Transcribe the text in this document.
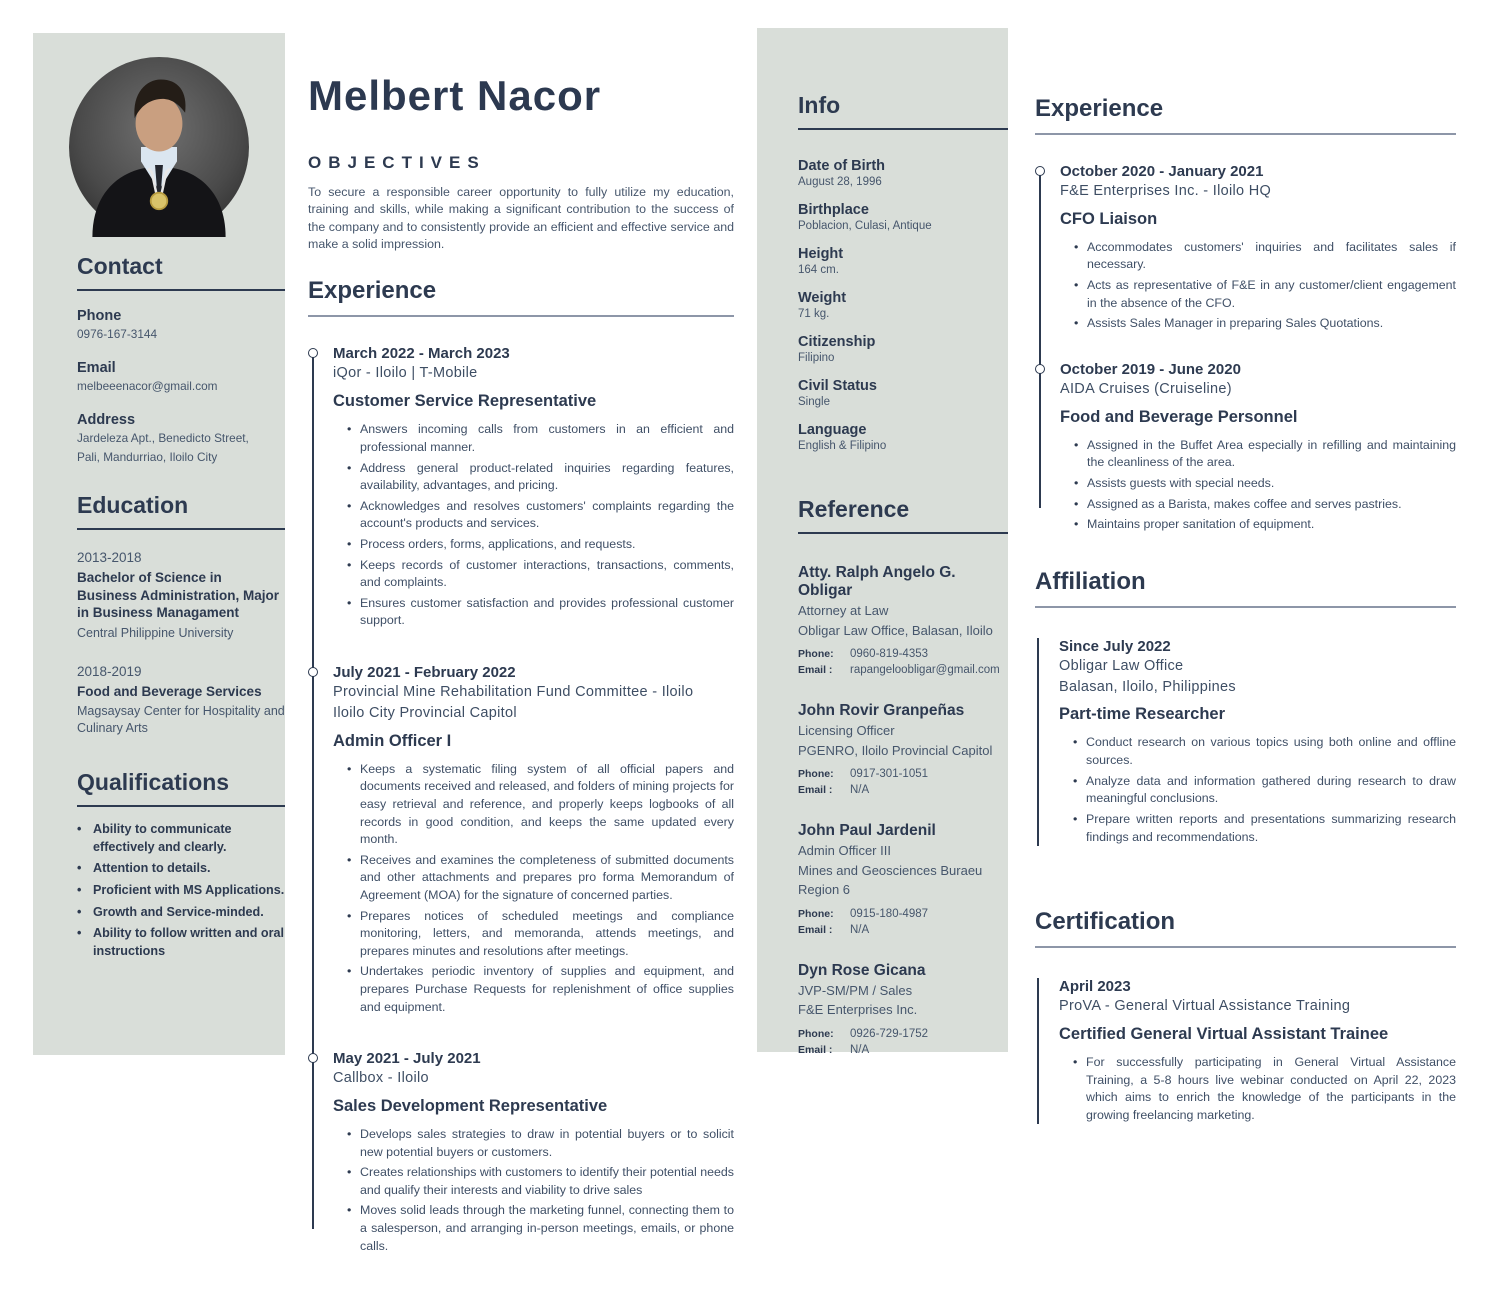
Contact
Phone
0976-167-3144
Email
melbeeenacor@gmail.com
Address
Jardeleza Apt., Benedicto Street,
Pali, Mandurriao, Iloilo City
Education
2013-2018
Bachelor of Science in Business Administration, Major in Business Managament
Central Philippine University
2018-2019
Food and Beverage Services
Magsaysay Center for Hospitality and Culinary Arts
Qualifications
• Ability to communicate effectively and clearly.
• Attention to details.
• Proficient with MS Applications.
• Growth and Service-minded.
• Ability to follow written and oral instructions
Melbert Nacor
OBJECTIVES
To secure a responsible career opportunity to fully utilize my education, training and skills, while making a significant contribution to the success of the company and to consistently provide an efficient and effective service and make a solid impression.
Experience
March 2022 - March 2023
iQor - Iloilo | T-Mobile
Customer Service Representative
• Answers incoming calls from customers in an efficient and professional manner.
• Address general product-related inquiries regarding features, availability, advantages, and pricing.
• Acknowledges and resolves customers' complaints regarding the account's products and services.
• Process orders, forms, applications, and requests.
• Keeps records of customer interactions, transactions, comments, and complaints.
• Ensures customer satisfaction and provides professional customer support.
July 2021 - February 2022
Provincial Mine Rehabilitation Fund Committee - Iloilo
Iloilo City Provincial Capitol
Admin Officer I
• Keeps a systematic filing system of all official papers and documents received and released, and folders of mining projects for easy retrieval and reference, and properly keeps logbooks of all records in good condition, and keeps the same updated every month.
• Receives and examines the completeness of submitted documents and other attachments and prepares pro forma Memorandum of Agreement (MOA) for the signature of concerned parties.
• Prepares notices of scheduled meetings and compliance monitoring, letters, and memoranda, attends meetings, and prepares minutes and resolutions after meetings.
• Undertakes periodic inventory of supplies and equipment, and prepares Purchase Requests for replenishment of office supplies and equipment.
May 2021 - July 2021
Callbox - Iloilo
Sales Development Representative
• Develops sales strategies to draw in potential buyers or to solicit new potential buyers or customers.
• Creates relationships with customers to identify their potential needs and qualify their interests and viability to drive sales
• Moves solid leads through the marketing funnel, connecting them to a salesperson, and arranging in-person meetings, emails, or phone calls.
Info
Date of Birth
August 28, 1996
Birthplace
Poblacion, Culasi, Antique
Height
164 cm.
Weight
71 kg.
Citizenship
Filipino
Civil Status
Single
Language
English & Filipino
Reference
Atty. Ralph Angelo G. Obligar
Attorney at Law
Obligar Law Office, Balasan, Iloilo
Phone:	0960-819-4353
Email :	rapangeloobligar@gmail.com
John Rovir Granpeñas
Licensing Officer
PGENRO, Iloilo Provincial Capitol
Phone:	0917-301-1051
Email :	N/A
John Paul Jardenil
Admin Officer III
Mines and Geosciences Buraeu
Region 6
Phone:	0915-180-4987
Email :	N/A
Dyn Rose Gicana
JVP-SM/PM / Sales
F&E Enterprises Inc.
Phone:	0926-729-1752
Email :	N/A
Experience
October 2020 - January 2021
F&E Enterprises Inc. - Iloilo HQ
CFO Liaison
• Accommodates customers' inquiries and facilitates sales if necessary.
• Acts as representative of F&E in any customer/client engagement in the absence of the CFO.
• Assists Sales Manager in preparing Sales Quotations.
October 2019 - June 2020
AIDA Cruises (Cruiseline)
Food and Beverage Personnel
• Assigned in the Buffet Area especially in refilling and maintaining the cleanliness of the area.
• Assists guests with special needs.
• Assigned as a Barista, makes coffee and serves pastries.
• Maintains proper sanitation of equipment.
Affiliation
Since July 2022
Obligar Law Office
Balasan, Iloilo, Philippines
Part-time Researcher
• Conduct research on various topics using both online and offline sources.
• Analyze data and information gathered during research to draw meaningful conclusions.
• Prepare written reports and presentations summarizing research findings and recommendations.
Certification
April 2023
ProVA - General Virtual Assistance Training
Certified General Virtual Assistant Trainee
• For successfully participating in General Virtual Assistance Training, a 5-8 hours live webinar conducted on April 22, 2023 which aims to enrich the knowledge of the participants in the growing freelancing marketing.
